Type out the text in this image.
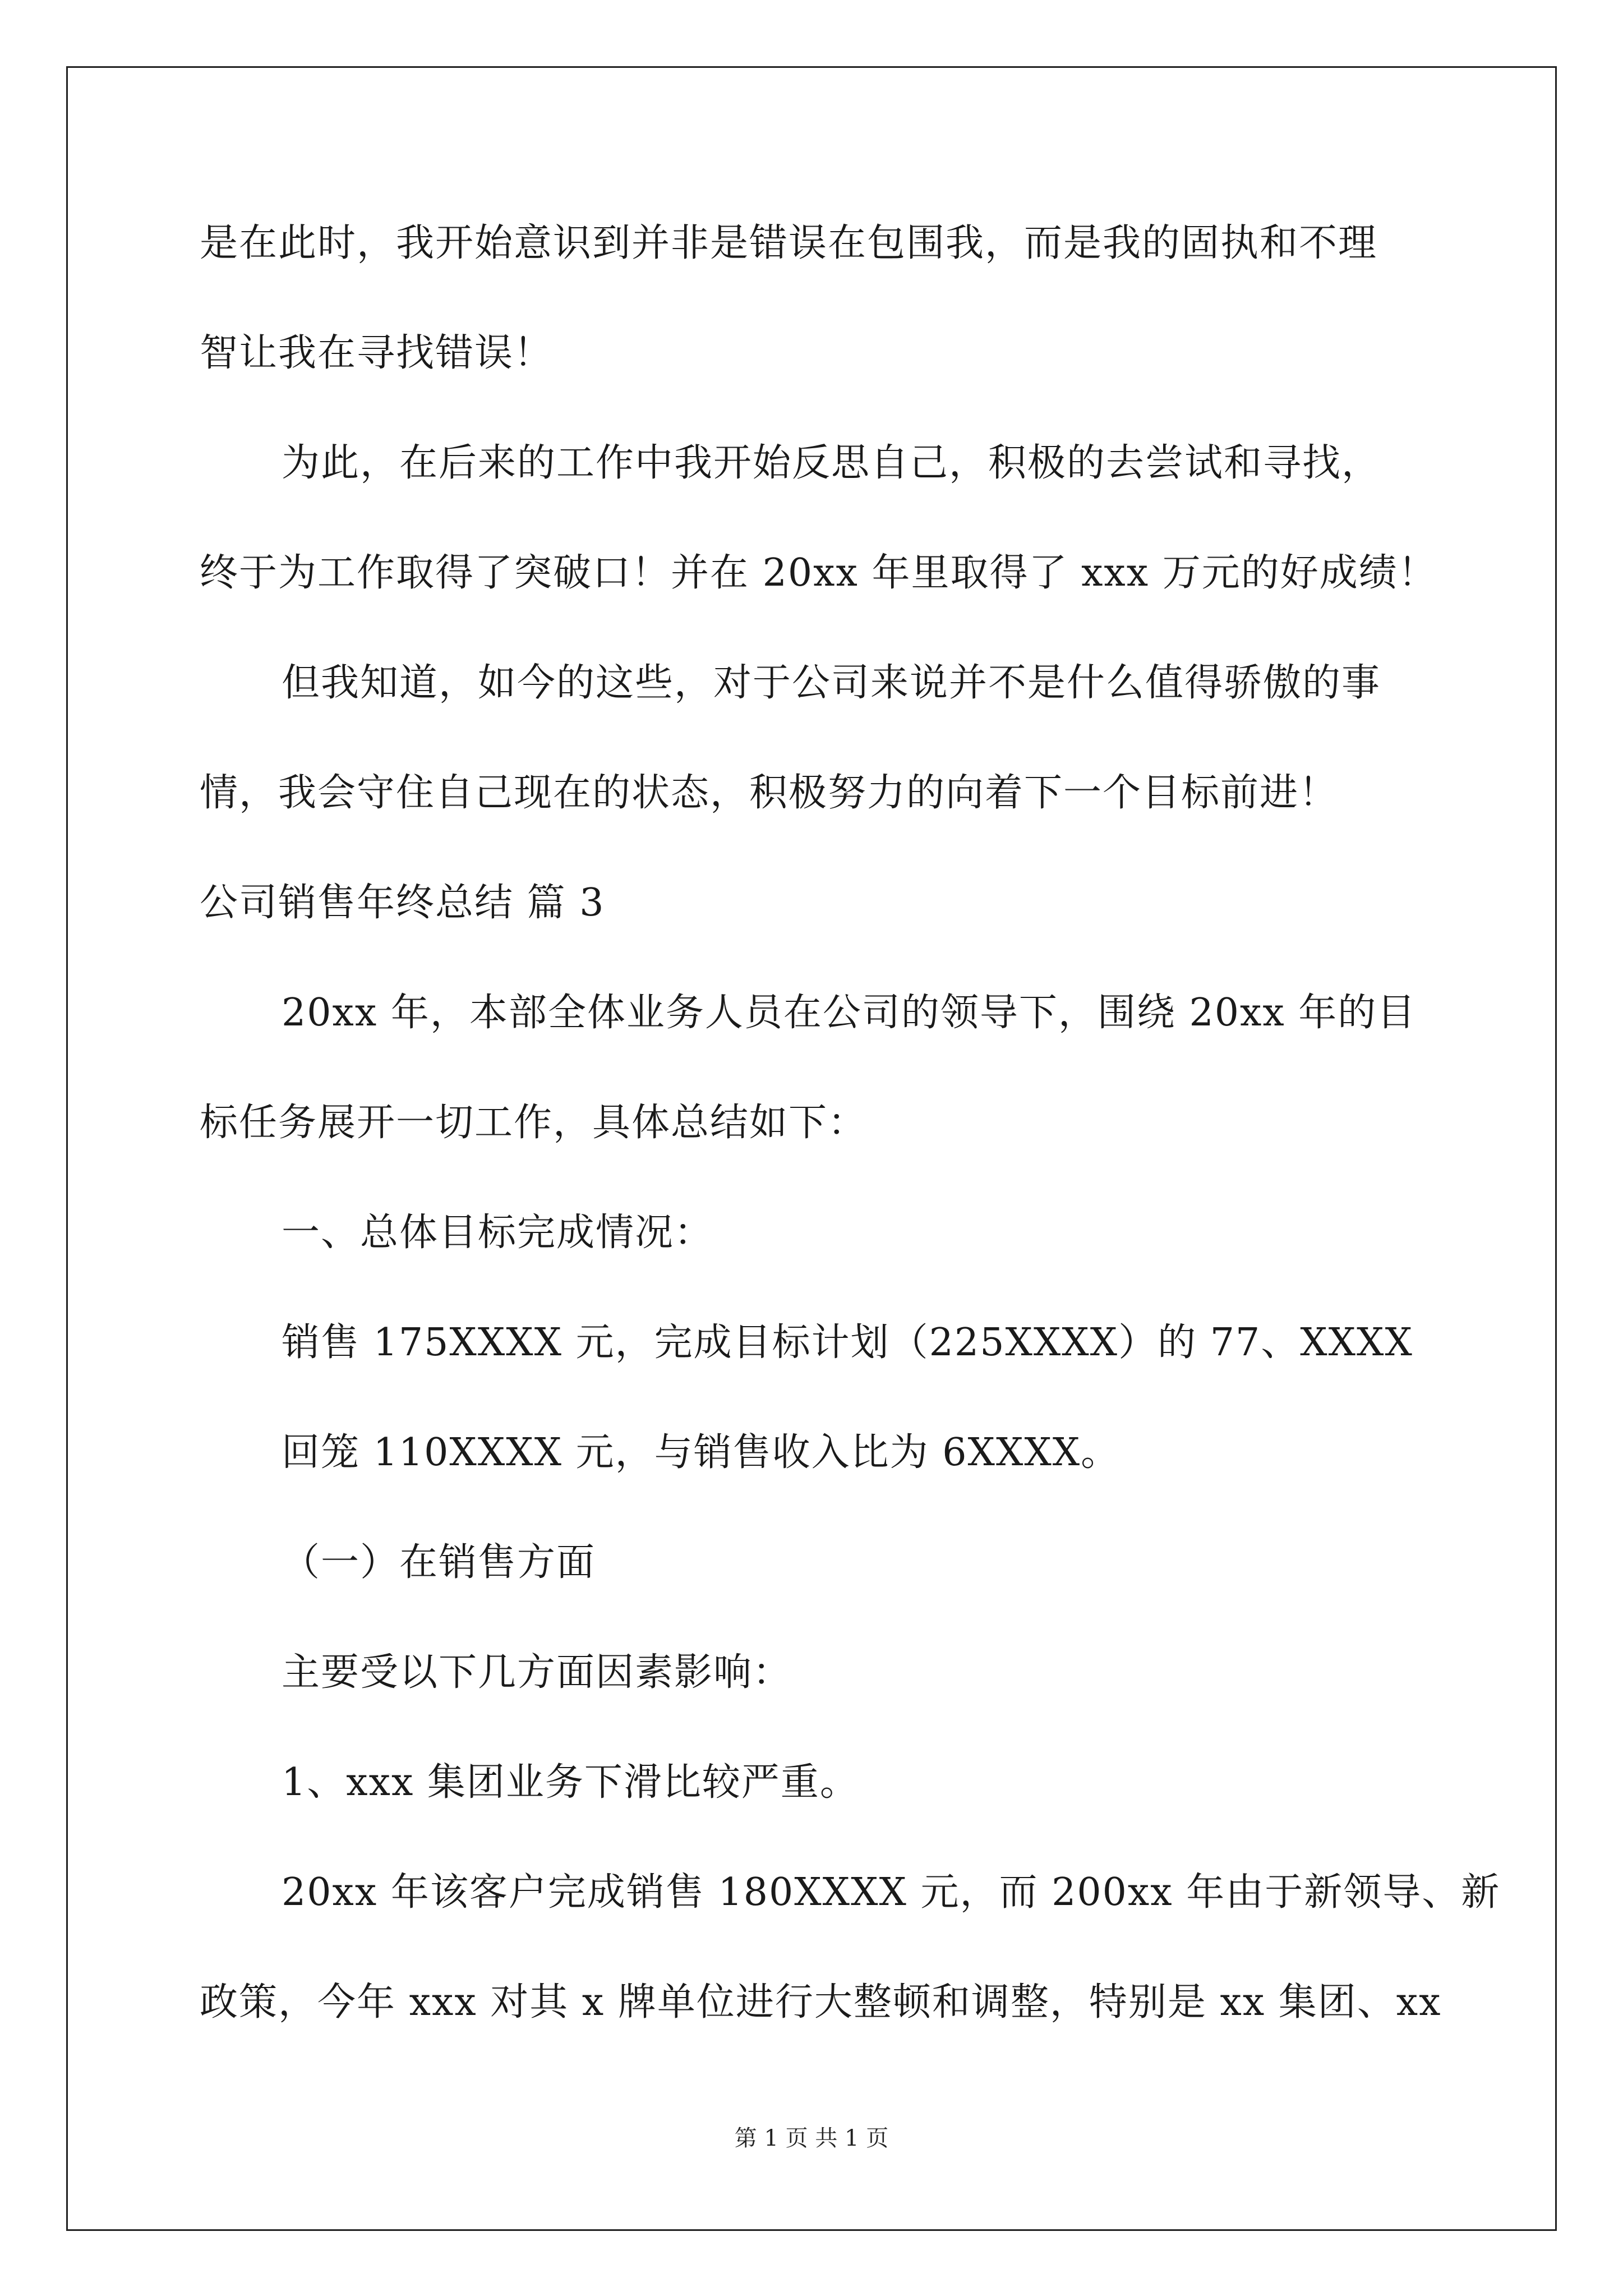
是在此时，我开始意识到并非是错误在包围我，而是我的固执和不理
智让我在寻找错误！
为此，在后来的工作中我开始反思自己，积极的去尝试和寻找，
终于为工作取得了突破口！并在 20xx 年里取得了 xxx 万元的好成绩！
但我知道，如今的这些，对于公司来说并不是什么值得骄傲的事
情，我会守住自己现在的状态，积极努力的向着下一个目标前进！
公司销售年终总结 篇 3
20xx 年，本部全体业务人员在公司的领导下，围绕 20xx 年的目
标任务展开一切工作，具体总结如下：
一、总体目标完成情况：
销售 175XXXX 元，完成目标计划（225XXXX）的 77、XXXX
回笼 110XXXX 元，与销售收入比为 6XXXX。
（一）在销售方面
主要受以下几方面因素影响：
1、xxx 集团业务下滑比较严重。
20xx 年该客户完成销售 180XXXX 元，而 200xx 年由于新领导、新
政策，今年 xxx 对其 x 牌单位进行大整顿和调整，特别是 xx 集团、xx
第 1 页 共 1 页
